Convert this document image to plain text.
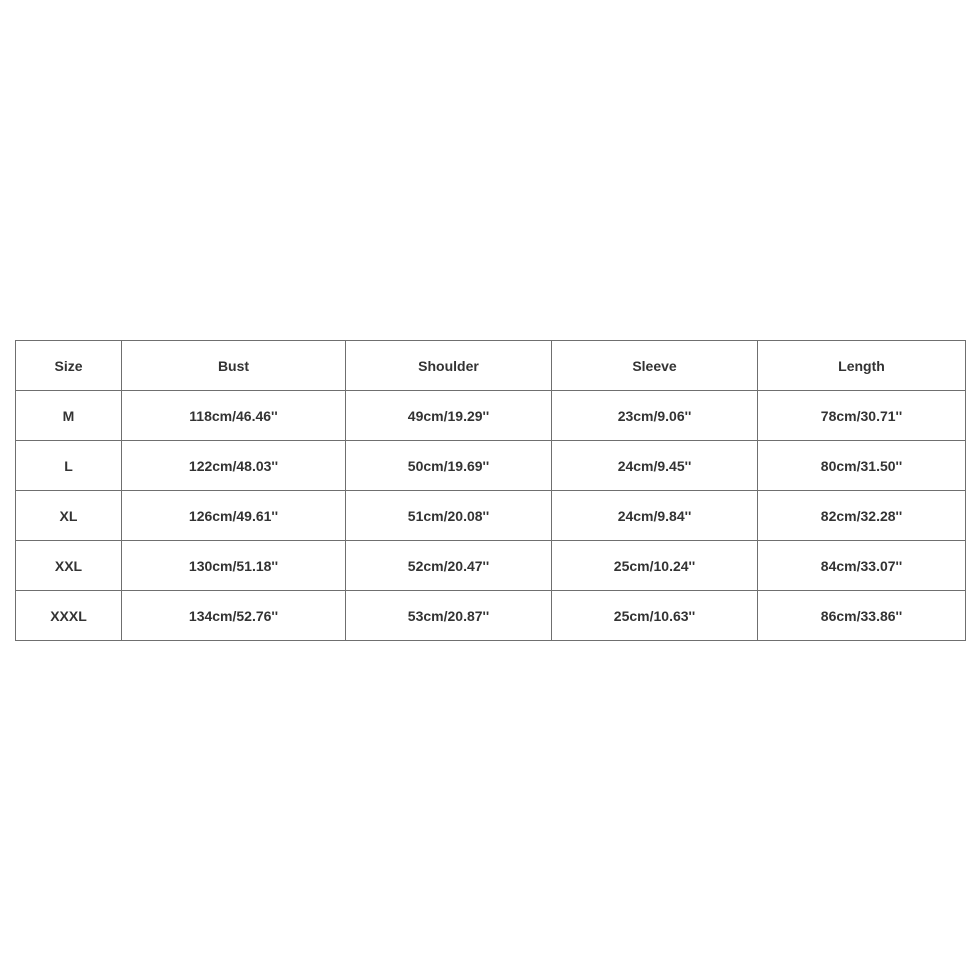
Size	Bust	Shoulder	Sleeve	Length
M	118cm/46.46''	49cm/19.29''	23cm/9.06''	78cm/30.71''
L	122cm/48.03''	50cm/19.69''	24cm/9.45''	80cm/31.50''
XL	126cm/49.61''	51cm/20.08''	24cm/9.84''	82cm/32.28''
XXL	130cm/51.18''	52cm/20.47''	25cm/10.24''	84cm/33.07''
XXXL	134cm/52.76''	53cm/20.87''	25cm/10.63''	86cm/33.86''
